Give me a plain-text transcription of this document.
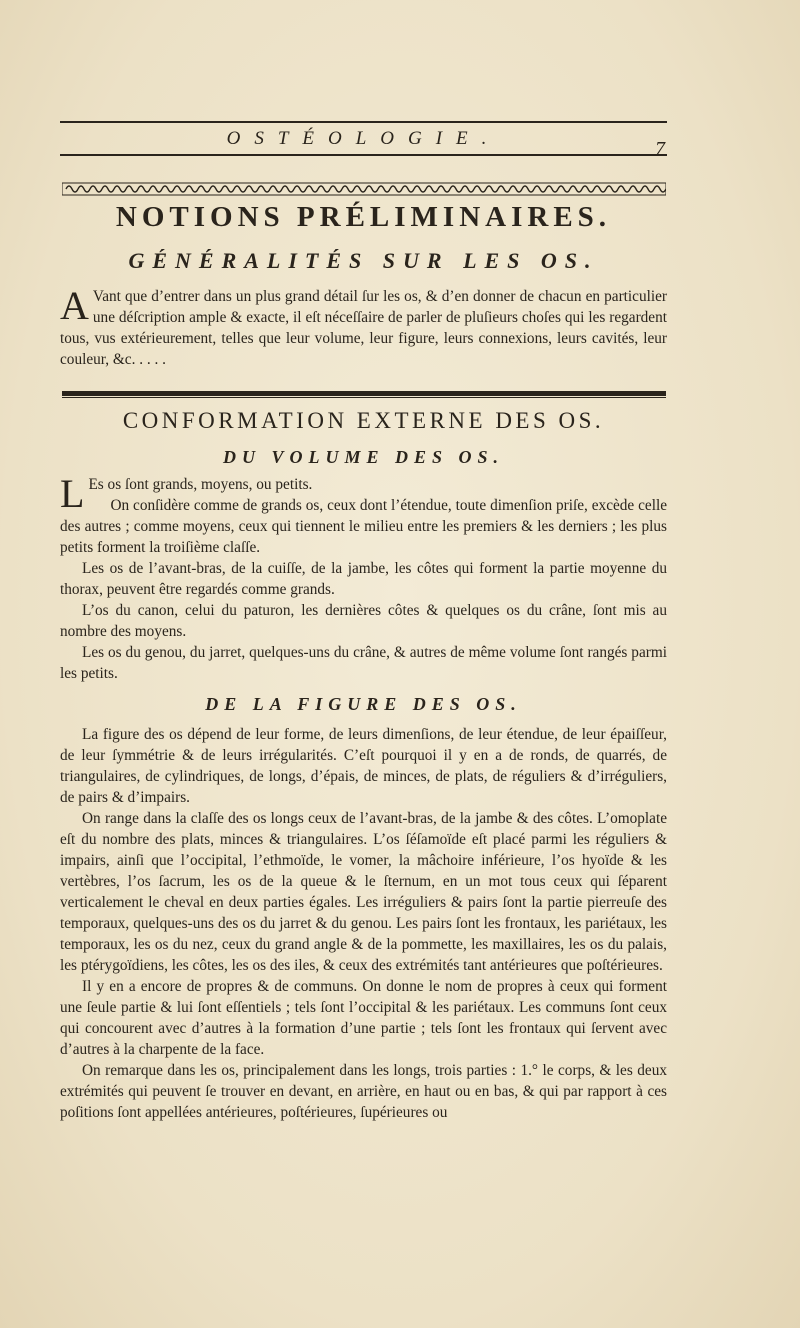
OSTÉOLOGIE.	7
NOTIONS PRÉLIMINAIRES.
GÉNÉRALITÉS SUR LES OS.
A Vant que d’entrer dans un plus grand détail ſur les os, & d’en donner de chacun en particulier une déſcription ample & exacte, il eſt néceſſaire de parler de pluſieurs choſes qui les regardent tous, vus extérieurement, telles que leur volume, leur figure, leurs connexions, leurs cavités, leur couleur, &c. . . . .
CONFORMATION EXTERNE DES OS.
DU VOLUME DES OS.

L Es os ſont grands, moyens, ou petits.

On conſidère comme de grands os, ceux dont l’étendue, toute dimenſion priſe, excède celle des autres ; comme moyens, ceux qui tiennent le milieu entre les premiers & les derniers ; les plus petits forment la troiſième claſſe.

Les os de l’avant-bras, de la cuiſſe, de la jambe, les côtes qui forment la partie moyenne du thorax, peuvent être regardés comme grands.

L’os du canon, celui du paturon, les dernières côtes & quelques os du crâne, ſont mis au nombre des moyens.

Les os du genou, du jarret, quelques-uns du crâne, & autres de même volume ſont rangés parmi les petits.

DE LA FIGURE DES OS.

La figure des os dépend de leur forme, de leurs dimenſions, de leur étendue, de leur épaiſſeur, de leur ſymmétrie & de leurs irrégularités. C’eſt pourquoi il y en a de ronds, de quarrés, de triangulaires, de cylindriques, de longs, d’épais, de minces, de plats, de réguliers & d’irréguliers, de pairs & d’impairs.

On range dans la claſſe des os longs ceux de l’avant-bras, de la jambe & des côtes. L’omoplate eſt du nombre des plats, minces & triangulaires. L’os ſéſamoïde eſt placé parmi les réguliers & impairs, ainſi que l’occipital, l’ethmoïde, le vomer, la mâchoire inférieure, l’os hyoïde & les vertèbres, l’os ſacrum, les os de la queue & le ſternum, en un mot tous ceux qui ſéparent verticalement le cheval en deux parties égales. Les irréguliers & pairs ſont la partie pierreuſe des temporaux, quelques-uns des os du jarret & du genou. Les pairs ſont les frontaux, les pariétaux, les temporaux, les os du nez, ceux du grand angle & de la pommette, les maxillaires, les os du palais, les ptérygoïdiens, les côtes, les os des iles, & ceux des extrémités tant antérieures que poſtérieures.

Il y en a encore de propres & de communs. On donne le nom de propres à ceux qui forment une ſeule partie & lui ſont eſſentiels ; tels ſont l’occipital & les pariétaux. Les communs ſont ceux qui concourent avec d’autres à la formation d’une partie ; tels ſont les frontaux qui ſervent avec d’autres à la charpente de la face.

On remarque dans les os, principalement dans les longs, trois parties : 1.° le corps, & les deux extrémités qui peuvent ſe trouver en devant, en arrière, en haut ou en bas, & qui par rapport à ces poſitions ſont appellées antérieures, poſtérieures, ſupérieures ou
